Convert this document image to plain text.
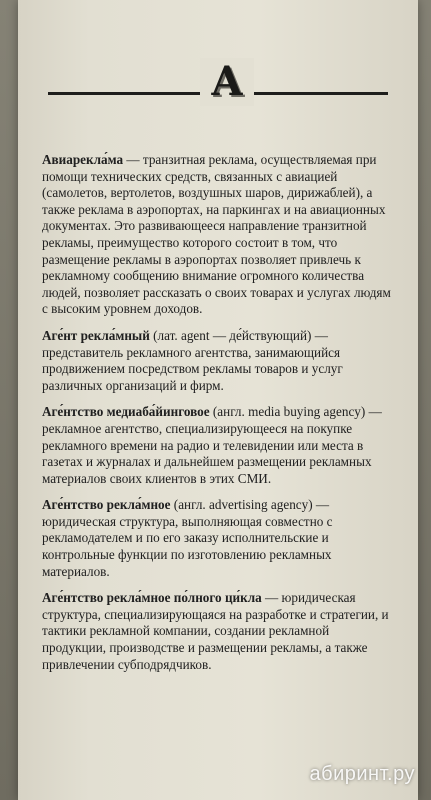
А

Авиарекла́ма — транзитная реклама, осуществляемая при помощи технических средств, связанных с авиацией (самолетов, вертолетов, воздушных шаров, дирижаблей), а также реклама в аэропортах, на паркингах и на авиационных документах. Это развивающееся направление транзитной рекламы, преимущество которого состоит в том, что размещение рекламы в аэропортах позволяет привлечь к рекламному сообщению внимание огромного количества людей, позволяет рассказать о своих товарах и услугах людям с высоким уровнем доходов.

Аге́нт рекла́мный (лат. agent — де́йствующий) — представитель рекламного агентства, занимающийся продвижением посредством рекламы товаров и услуг различных организаций и фирм.

Аге́нтство медиаба́йинговое (англ. media buying agency) — рекламное агентство, специализирующееся на покупке рекламного времени на радио и телевидении или места в газетах и журналах и дальнейшем размещении рекламных материалов своих клиентов в этих СМИ.

Аге́нтство рекла́мное (англ. advertising agency) — юридическая структура, выполняющая совместно с рекламодателем и по его заказу исполнительские и контрольные функции по изготовлению рекламных материалов.

Аге́нтство рекла́мное по́лного ци́кла — юридическая структура, специализирующаяся на разработке и стратегии, и тактики рекламной компании, создании рекламной продукции, производстве и размещении рекламы, а также привлечении субподрядчиков.

абиринт.ру
